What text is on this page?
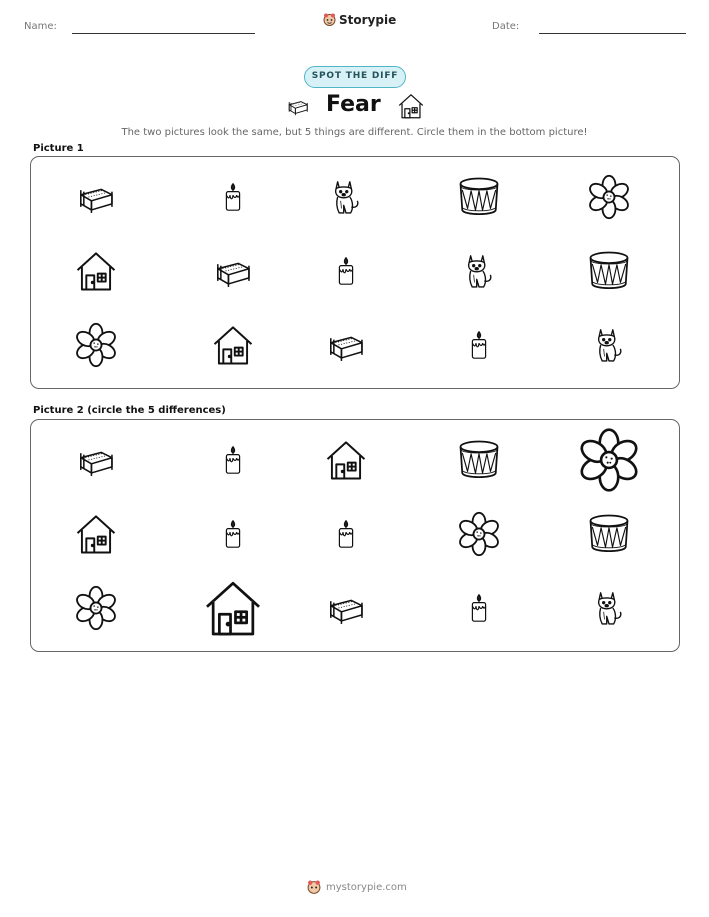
Name:	Storypie	Date:
SPOT THE DIFF
Fear
The two pictures look the same, but 5 things are different. Circle them in the bottom picture!
Picture 1
Picture 2 (circle the 5 differences)
mystorypie.com
